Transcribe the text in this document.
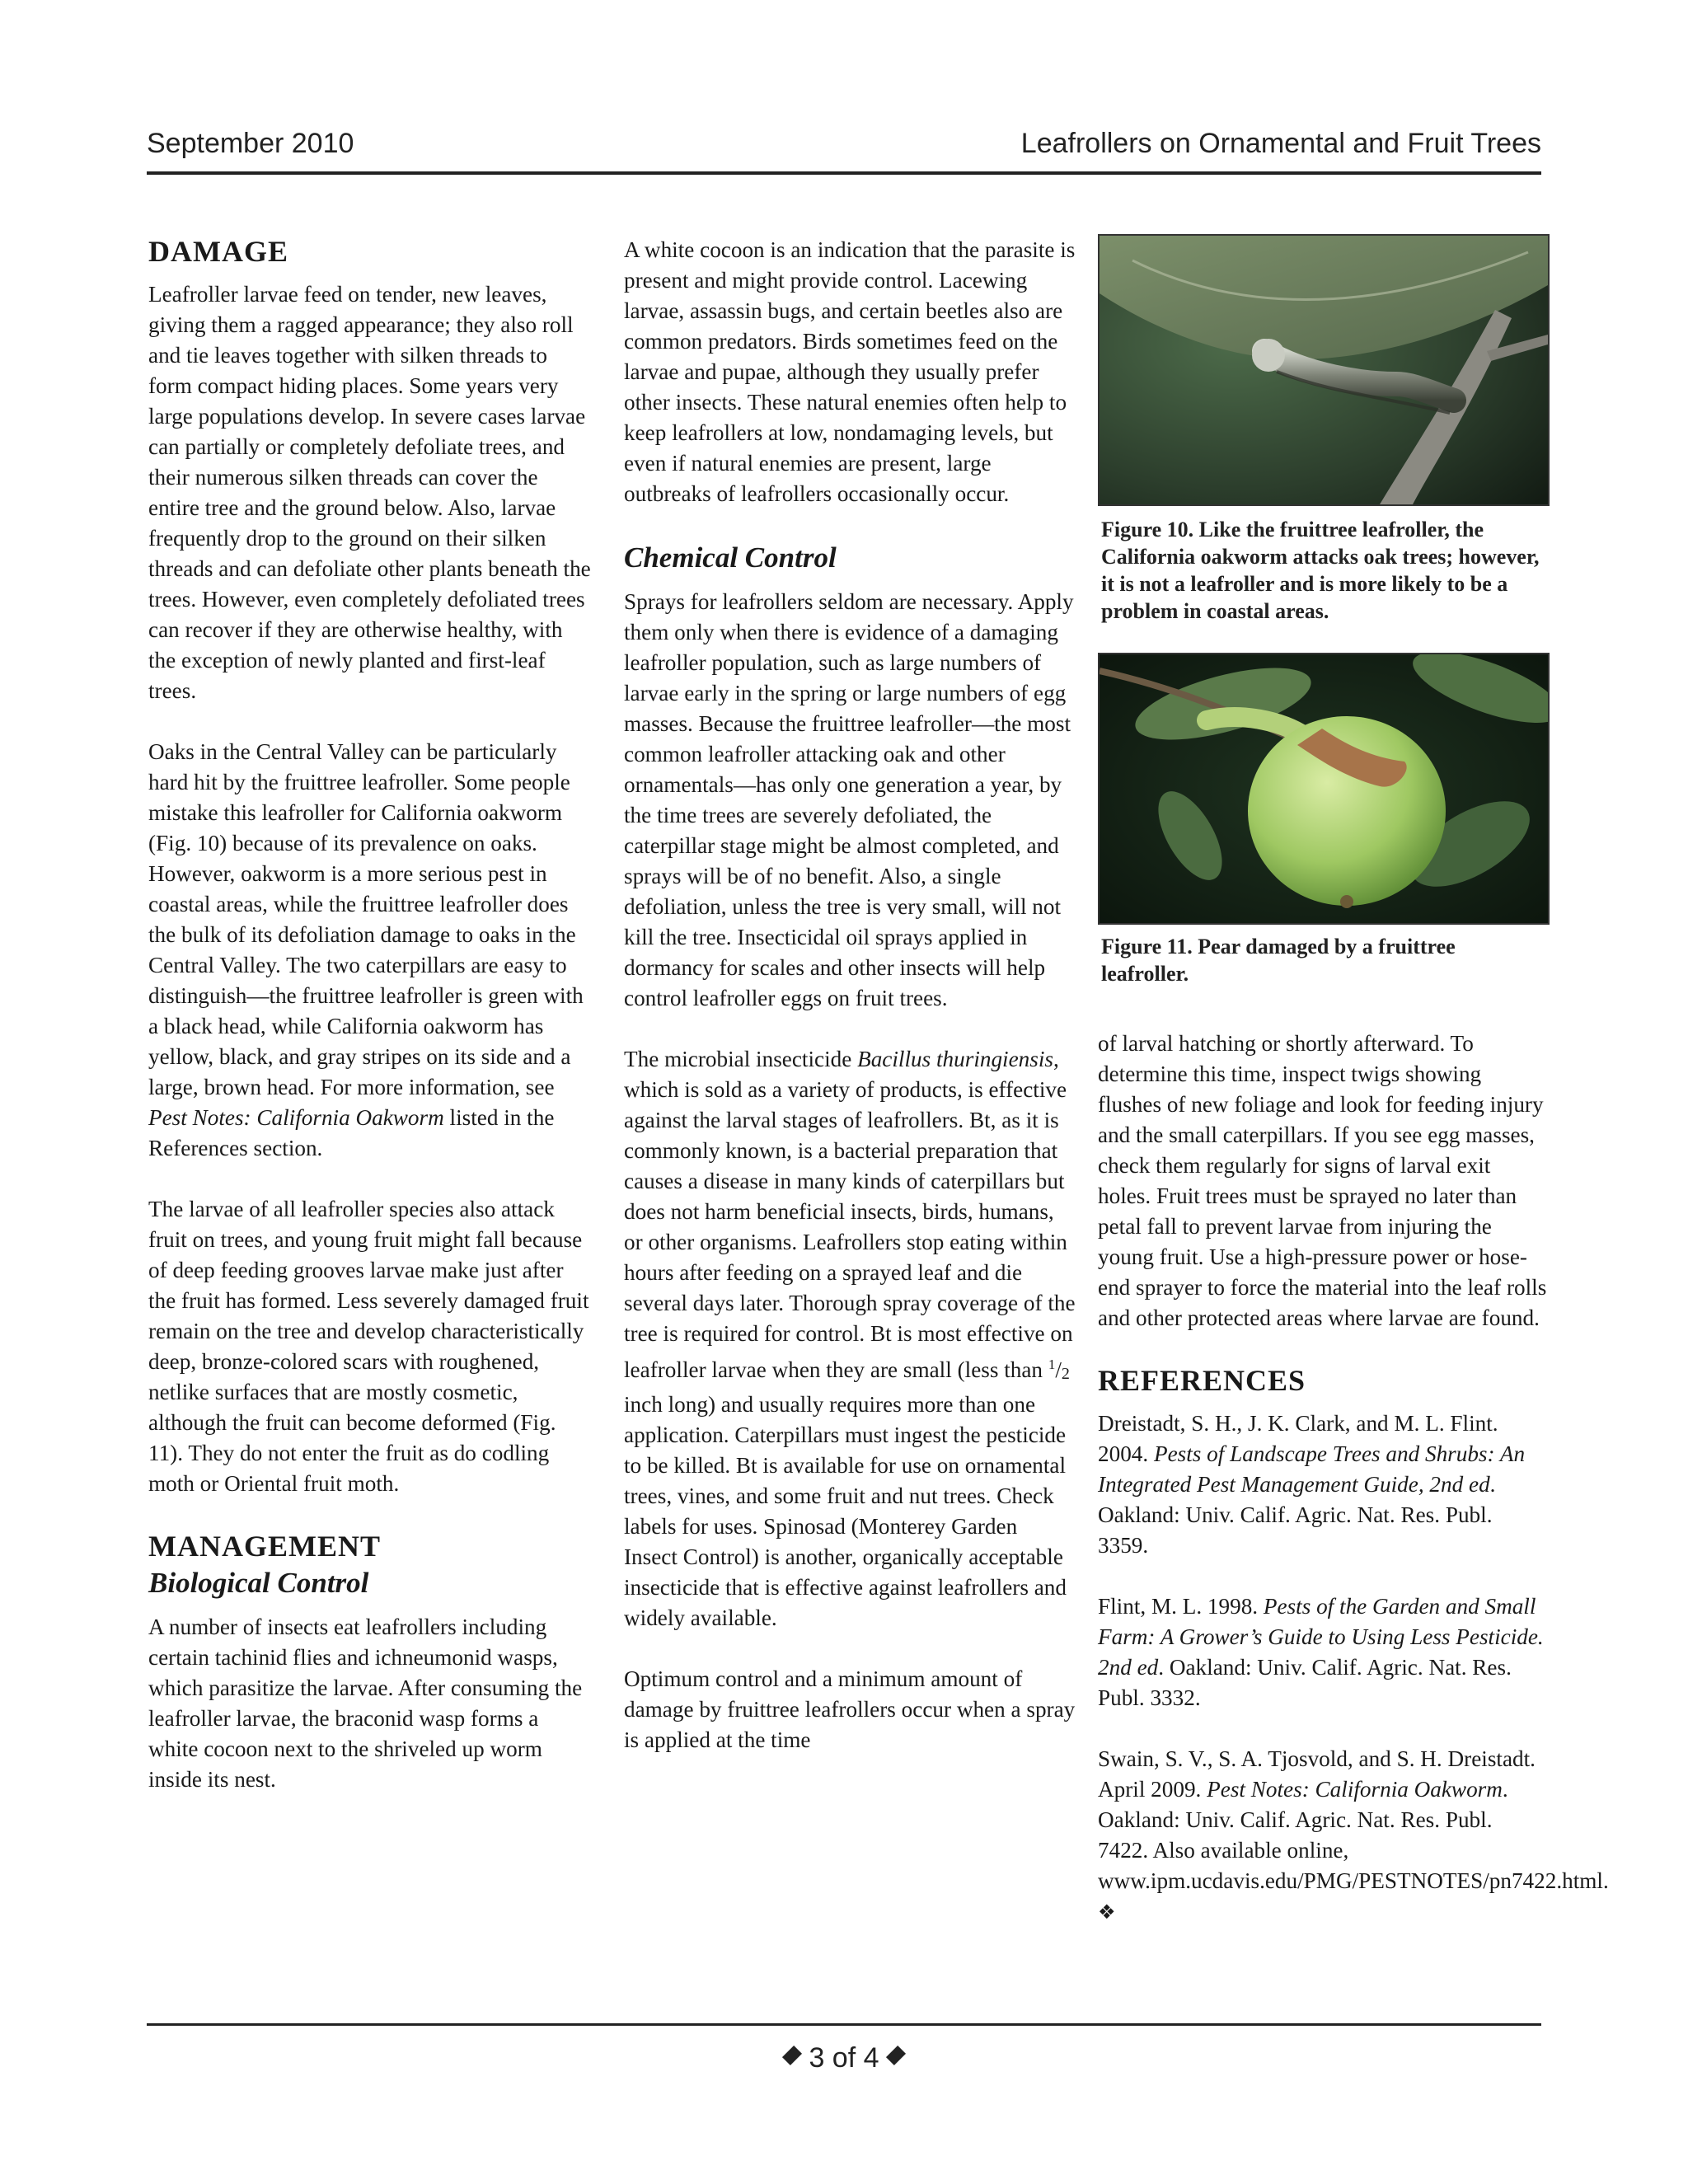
September 2010	Leafrollers on Ornamental and Fruit Trees
DAMAGE

Leafroller larvae feed on tender, new leaves, giving them a ragged appearance; they also roll and tie leaves together with silken threads to form compact hiding places. Some years very large populations develop. In severe cases larvae can partially or completely defoliate trees, and their numerous silken threads can cover the entire tree and the ground below. Also, larvae frequently drop to the ground on their silken threads and can defoliate other plants beneath the trees. However, even completely defoliated trees can recover if they are otherwise healthy, with the exception of newly planted and first-leaf trees.

Oaks in the Central Valley can be particularly hard hit by the fruittree leafroller. Some people mistake this leafroller for California oakworm (Fig. 10) because of its prevalence on oaks. However, oakworm is a more serious pest in coastal areas, while the fruittree leafroller does the bulk of its defoliation damage to oaks in the Central Valley. The two caterpillars are easy to distinguish—the fruittree leafroller is green with a black head, while California oakworm has yellow, black, and gray stripes on its side and a large, brown head. For more information, see Pest Notes: California Oakworm listed in the References section.

The larvae of all leafroller species also attack fruit on trees, and young fruit might fall because of deep feeding grooves larvae make just after the fruit has formed. Less severely damaged fruit remain on the tree and develop characteristically deep, bronze-colored scars with roughened, netlike surfaces that are mostly cosmetic, although the fruit can become deformed (Fig. 11). They do not enter the fruit as do codling moth or Oriental fruit moth.

MANAGEMENT
Biological Control

A number of insects eat leafrollers including certain tachinid flies and ichneumonid wasps, which parasitize the larvae. After consuming the leafroller larvae, the braconid wasp forms a white cocoon next to the shriveled up worm inside its nest.

A white cocoon is an indication that the parasite is present and might provide control. Lacewing larvae, assassin bugs, and certain beetles also are common predators. Birds sometimes feed on the larvae and pupae, although they usually prefer other insects. These natural enemies often help to keep leafrollers at low, nondamaging levels, but even if natural enemies are present, large outbreaks of leafrollers occasionally occur.

Chemical Control

Sprays for leafrollers seldom are necessary. Apply them only when there is evidence of a damaging leafroller population, such as large numbers of larvae early in the spring or large numbers of egg masses. Because the fruittree leafroller—the most common leafroller attacking oak and other ornamentals—has only one generation a year, by the time trees are severely defoliated, the caterpillar stage might be almost completed, and sprays will be of no benefit. Also, a single defoliation, unless the tree is very small, will not kill the tree. Insecticidal oil sprays applied in dormancy for scales and other insects will help control leafroller eggs on fruit trees.

The microbial insecticide Bacillus thuringiensis, which is sold as a variety of products, is effective against the larval stages of leafrollers. Bt, as it is commonly known, is a bacterial preparation that causes a disease in many kinds of caterpillars but does not harm beneficial insects, birds, humans, or other organisms. Leafrollers stop eating within hours after feeding on a sprayed leaf and die several days later. Thorough spray coverage of the tree is required for control. Bt is most effective on leafroller larvae when they are small (less than $^1/_2$ inch long) and usually requires more than one application. Caterpillars must ingest the pesticide to be killed. Bt is available for use on ornamental trees, vines, and some fruit and nut trees. Check labels for uses. Spinosad (Monterey Garden Insect Control) is another, organically acceptable insecticide that is effective against leafrollers and widely available.

Optimum control and a minimum amount of damage by fruittree leafrollers occur when a spray is applied at the time

Figure 10. Like the fruittree leafroller, the California oakworm attacks oak trees; however, it is not a leafroller and is more likely to be a problem in coastal areas.
Figure 11. Pear damaged by a fruittree leafroller.

of larval hatching or shortly afterward. To determine this time, inspect twigs showing flushes of new foliage and look for feeding injury and the small caterpillars. If you see egg masses, check them regularly for signs of larval exit holes. Fruit trees must be sprayed no later than petal fall to prevent larvae from injuring the young fruit. Use a high-pressure power or hose-end sprayer to force the material into the leaf rolls and other protected areas where larvae are found.

REFERENCES

Dreistadt, S. H., J. K. Clark, and M. L. Flint. 2004. Pests of Landscape Trees and Shrubs: An Integrated Pest Management Guide, 2nd ed. Oakland: Univ. Calif. Agric. Nat. Res. Publ. 3359.

Flint, M. L. 1998. Pests of the Garden and Small Farm: A Grower’s Guide to Using Less Pesticide. 2nd ed. Oakland: Univ. Calif. Agric. Nat. Res. Publ. 3332.

Swain, S. V., S. A. Tjosvold, and S. H. Dreistadt. April 2009. Pest Notes: California Oakworm. Oakland: Univ. Calif. Agric. Nat. Res. Publ. 7422. Also available online, www.ipm.ucdavis.edu/PMG/PESTNOTES/pn7422.html. ❖

3 of 4
